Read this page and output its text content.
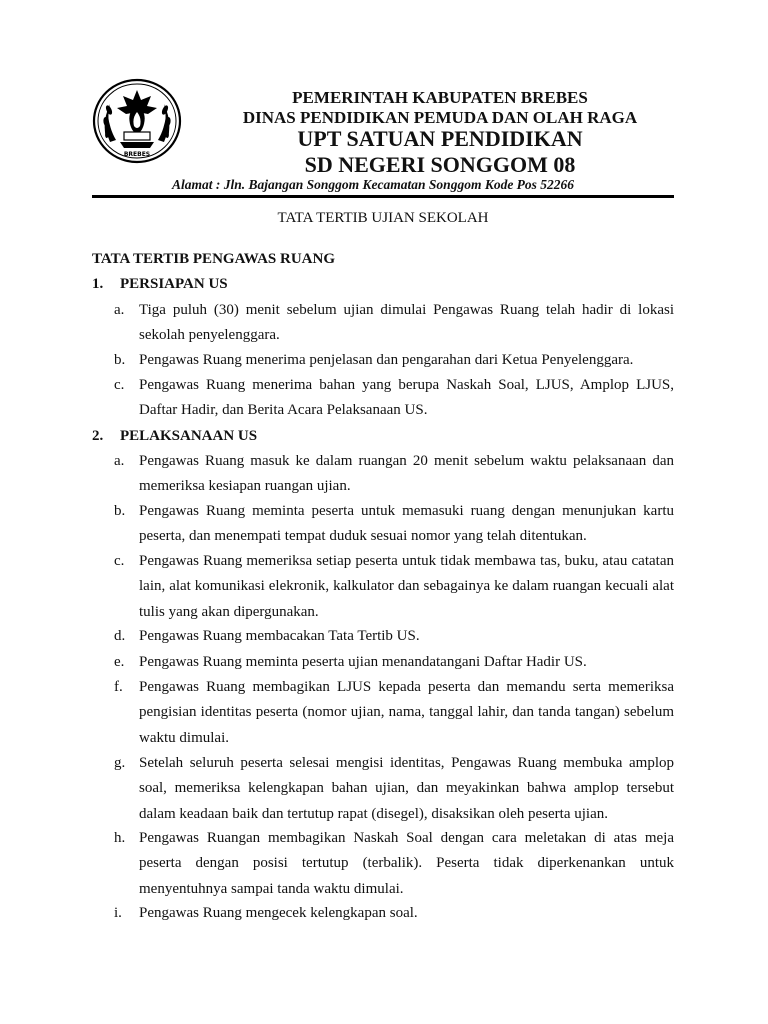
BREBES
PEMERINTAH KABUPATEN BREBES
DINAS PENDIDIKAN PEMUDA DAN OLAH RAGA
UPT SATUAN PENDIDIKAN
SD NEGERI SONGGOM 08
Alamat : Jln. Bajangan Songgom Kecamatan Songgom Kode Pos 52266
TATA TERTIB UJIAN SEKOLAH
TATA TERTIB PENGAWAS RUANG
1. PERSIAPAN US
a. Tiga puluh (30) menit sebelum ujian dimulai Pengawas Ruang telah hadir di lokasi sekolah penyelenggara.
b. Pengawas Ruang menerima penjelasan dan pengarahan dari Ketua Penyelenggara.
c. Pengawas Ruang menerima bahan yang berupa Naskah Soal, LJUS, Amplop LJUS, Daftar Hadir, dan Berita Acara Pelaksanaan US.
2. PELAKSANAAN US
a. Pengawas Ruang masuk ke dalam ruangan 20 menit sebelum waktu pelaksanaan dan memeriksa kesiapan ruangan ujian.
b. Pengawas Ruang meminta peserta untuk memasuki ruang dengan menunjukan kartu peserta, dan menempati tempat duduk sesuai nomor yang telah ditentukan.
c. Pengawas Ruang memeriksa setiap peserta untuk tidak membawa tas, buku, atau catatan lain, alat komunikasi elekronik, kalkulator dan sebagainya ke dalam ruangan kecuali alat tulis yang akan dipergunakan.
d. Pengawas Ruang membacakan Tata Tertib US.
e. Pengawas Ruang meminta peserta ujian menandatangani Daftar Hadir US.
f. Pengawas Ruang membagikan LJUS kepada peserta dan memandu serta memeriksa pengisian identitas peserta (nomor ujian, nama, tanggal lahir, dan tanda tangan) sebelum waktu dimulai.
g. Setelah seluruh peserta selesai mengisi identitas, Pengawas Ruang membuka amplop soal, memeriksa kelengkapan bahan ujian, dan meyakinkan bahwa amplop tersebut dalam keadaan baik dan tertutup rapat (disegel), disaksikan oleh peserta ujian.
h. Pengawas Ruangan membagikan Naskah Soal dengan cara meletakan di atas meja peserta dengan posisi tertutup (terbalik). Peserta tidak diperkenankan untuk menyentuhnya sampai tanda waktu dimulai.
i. Pengawas Ruang mengecek kelengkapan soal.
